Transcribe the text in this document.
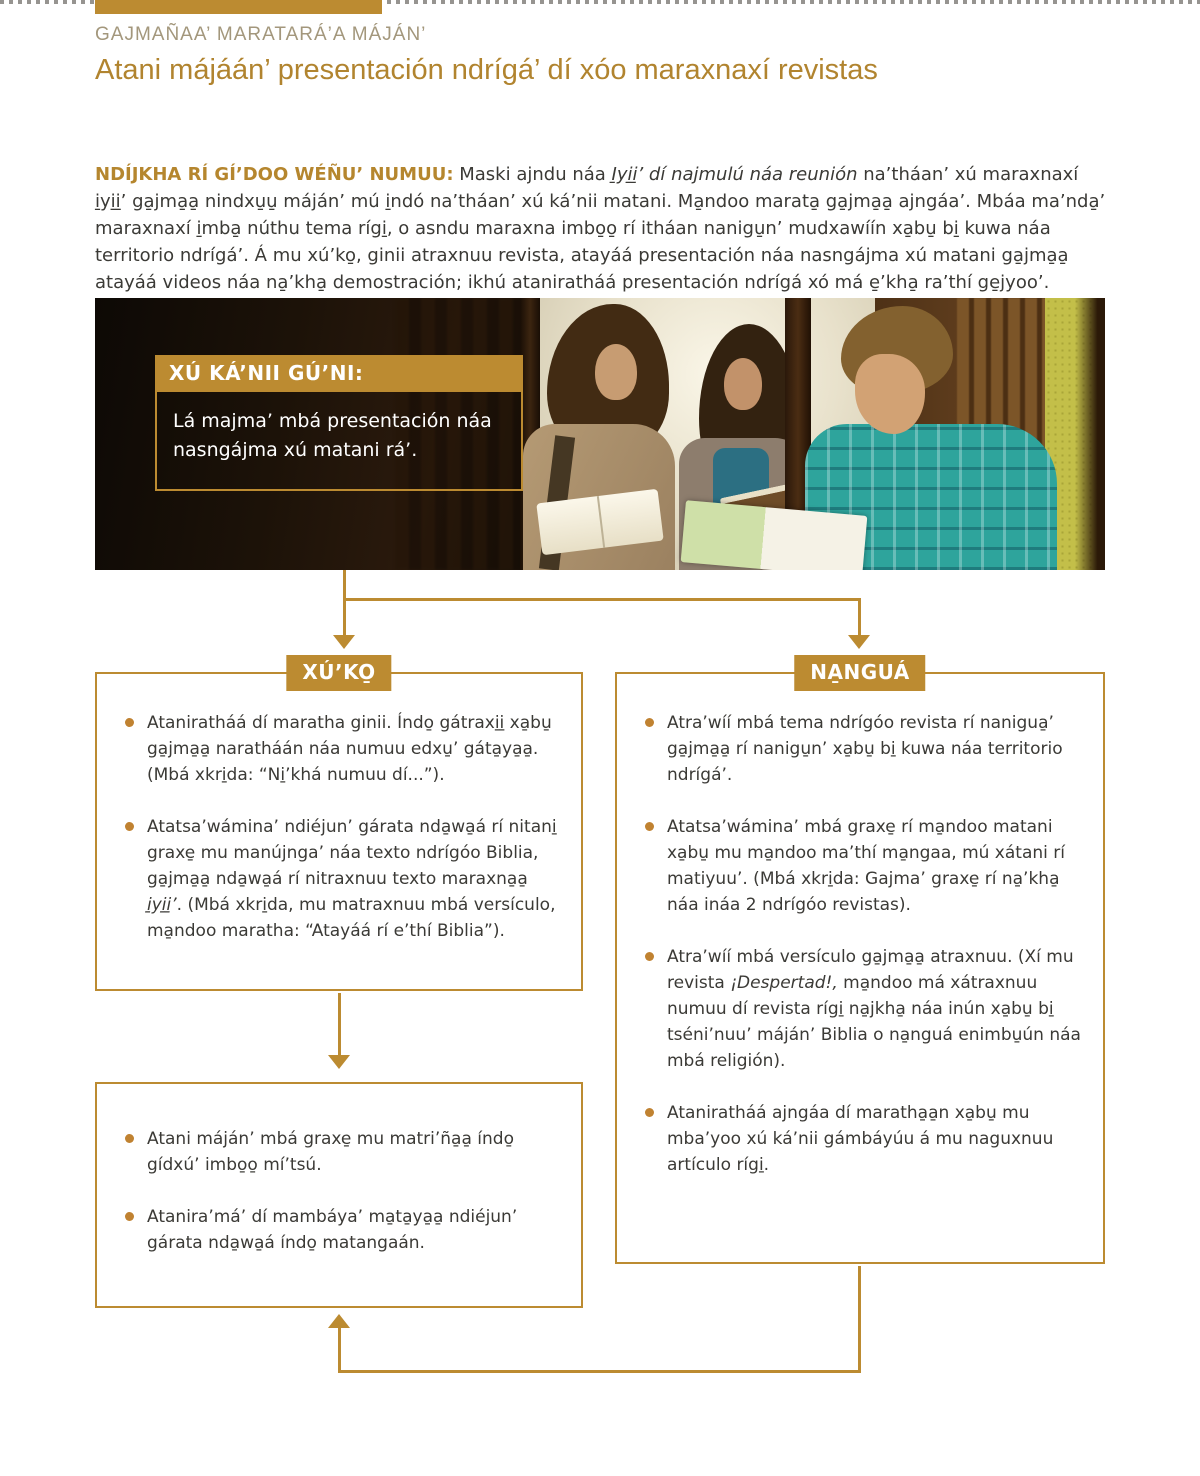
GAJMAÑAA’ MARATARÁ’A MÁJÁN’
Atani májáán’ presentación ndrígá’ dí xóo maraxnaxí revistas

NDÍJKHA RÍ GÍ’DOO WÉÑU’ NUMUU: Maski ajndu náa I̱yi̱i̱’ dí najmulú náa reunión na’tháan’ xú maraxnaxí i̱yi̱i̱’ ga̱jma̱a̱ nindxu̱u̱ máján’ mú i̱ndó na’tháan’ xú ká’nii matani. Ma̱ndoo marata̱ ga̱jma̱a̱ ajngáa’. Mbáa ma’nda̱’ maraxnaxí i̱mba̱ núthu tema rígi̱, o asndu maraxna imbo̱o̱ rí itháan nanigu̱n’ mudxawíín xa̱bu̱ bi̱ kuwa náa territorio ndrígá’. Á mu xú’ko̱, ginii atraxnuu revista, atayáá presentación náa nasngájma xú matani ga̱jma̱a̱ atayáá videos náa na̱’kha̱ demostración; ikhú ataniratháá presentación ndrígá xó má e̱’kha̱ ra’thí ge̱jyoo’.

XÚ KÁ’NII GÚ’NI:
Lá majma’ mbá presentación náa nasngájma xú matani rá’.
XÚ’KO̱
Ataniratháá dí maratha ginii. Índo̱ gátraxi̱i̱ xa̱bu̱ ga̱jma̱a̱ naratháán náa numuu edxu̱’ gáta̱ya̱a̱. (Mbá xkri̱da: “Ni̱’khá numuu dí...”).
Atatsa’wámina’ ndiéjun’ gárata nda̱wa̱á rí nitani̱ graxe̱ mu manújnga’ náa texto ndrígóo Biblia, ga̱jma̱a̱ nda̱wa̱á rí nitraxnuu texto maraxna̱a̱ i̱yi̱i̱’. (Mbá xkri̱da, mu matraxnuu mbá versículo, ma̱ndoo maratha: “Atayáá rí e’thí Biblia”).
NA̱NGUÁ
Atra’wíí mbá tema ndrígóo revista rí nanigua̱’ ga̱jma̱a̱ rí nanigu̱n’ xa̱bu̱ bi̱ kuwa náa territorio ndrígá’.
Atatsa’wámina’ mbá graxe̱ rí ma̱ndoo matani xa̱bu̱ mu ma̱ndoo ma’thí ma̱ngaa, mú xátani rí matiyuu’. (Mbá xkri̱da: Gajma’ graxe̱ rí na̱’kha̱ náa ináa 2 ndrígóo revistas).
Atra’wíí mbá versículo ga̱jma̱a̱ atraxnuu. (Xí mu revista ¡Despertad!, ma̱ndoo má xátraxnuu numuu dí revista rígi̱ na̱jkha̱ náa inún xa̱bu̱ bi̱ tséni’nuu’ máján’ Biblia o na̱nguá enimbu̱ún náa mbá religión).
Ataniratháá ajngáa dí maratha̱a̱n xa̱bu̱ mu mba’yoo xú ká’nii gámbáyúu á mu naguxnuu artículo rígi̱.
Atani máján’ mbá graxe̱ mu matri’ña̱a̱ índo̱ gídxú’ imbo̱o̱ mí’tsú.
Atanira’má’ dí mambáya’ ma̱ta̱ya̱a̱ ndiéjun’ gárata nda̱wa̱á índo̱ matangaán.
